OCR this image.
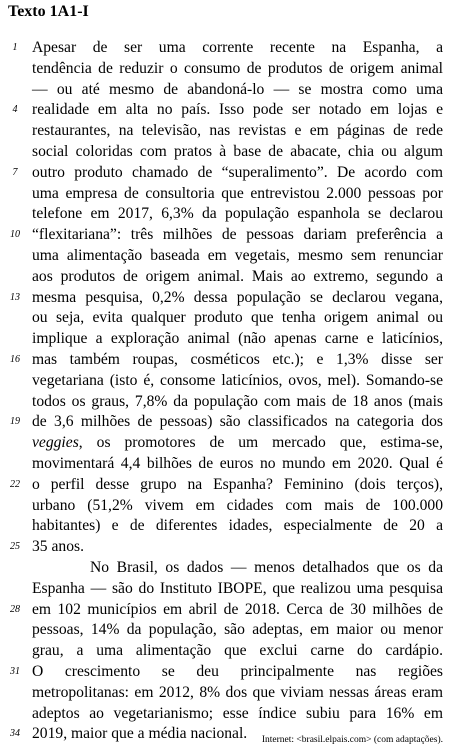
Texto 1A1-I
1 Apesar de ser uma corrente recente na Espanha, a
tendência de reduzir o consumo de produtos de origem animal
— ou até mesmo de abandoná-lo — se mostra como uma
4 realidade em alta no país. Isso pode ser notado em lojas e
restaurantes, na televisão, nas revistas e em páginas de rede
social coloridas com pratos à base de abacate, chia ou algum
7 outro produto chamado de “superalimento”. De acordo com
uma empresa de consultoria que entrevistou 2.000 pessoas por
telefone em 2017, 6,3% da população espanhola se declarou
10 “flexitariana”: três milhões de pessoas dariam preferência a
uma alimentação baseada em vegetais, mesmo sem renunciar
aos produtos de origem animal. Mais ao extremo, segundo a
13 mesma pesquisa, 0,2% dessa população se declarou vegana,
ou seja, evita qualquer produto que tenha origem animal ou
implique a exploração animal (não apenas carne e laticínios,
16 mas também roupas, cosméticos etc.); e 1,3% disse ser
vegetariana (isto é, consome laticínios, ovos, mel). Somando-se
todos os graus, 7,8% da população com mais de 18 anos (mais
19 de 3,6 milhões de pessoas) são classificados na categoria dos
veggies, os promotores de um mercado que, estima-se,
movimentará 4,4 bilhões de euros no mundo em 2020. Qual é
22 o perfil desse grupo na Espanha? Feminino (dois terços),
urbano (51,2% vivem em cidades com mais de 100.000
habitantes) e de diferentes idades, especialmente de 20 a
25 35 anos.
No Brasil, os dados — menos detalhados que os da
Espanha — são do Instituto IBOPE, que realizou uma pesquisa
28 em 102 municípios em abril de 2018. Cerca de 30 milhões de
pessoas, 14% da população, são adeptas, em maior ou menor
grau, a uma alimentação que exclui carne do cardápio.
31 O crescimento se deu principalmente nas regiões
metropolitanas: em 2012, 8% dos que viviam nessas áreas eram
adeptos ao vegetarianismo; esse índice subiu para 16% em
34 2019, maior que a média nacional.	Internet: <brasil.elpais.com> (com adaptações).
